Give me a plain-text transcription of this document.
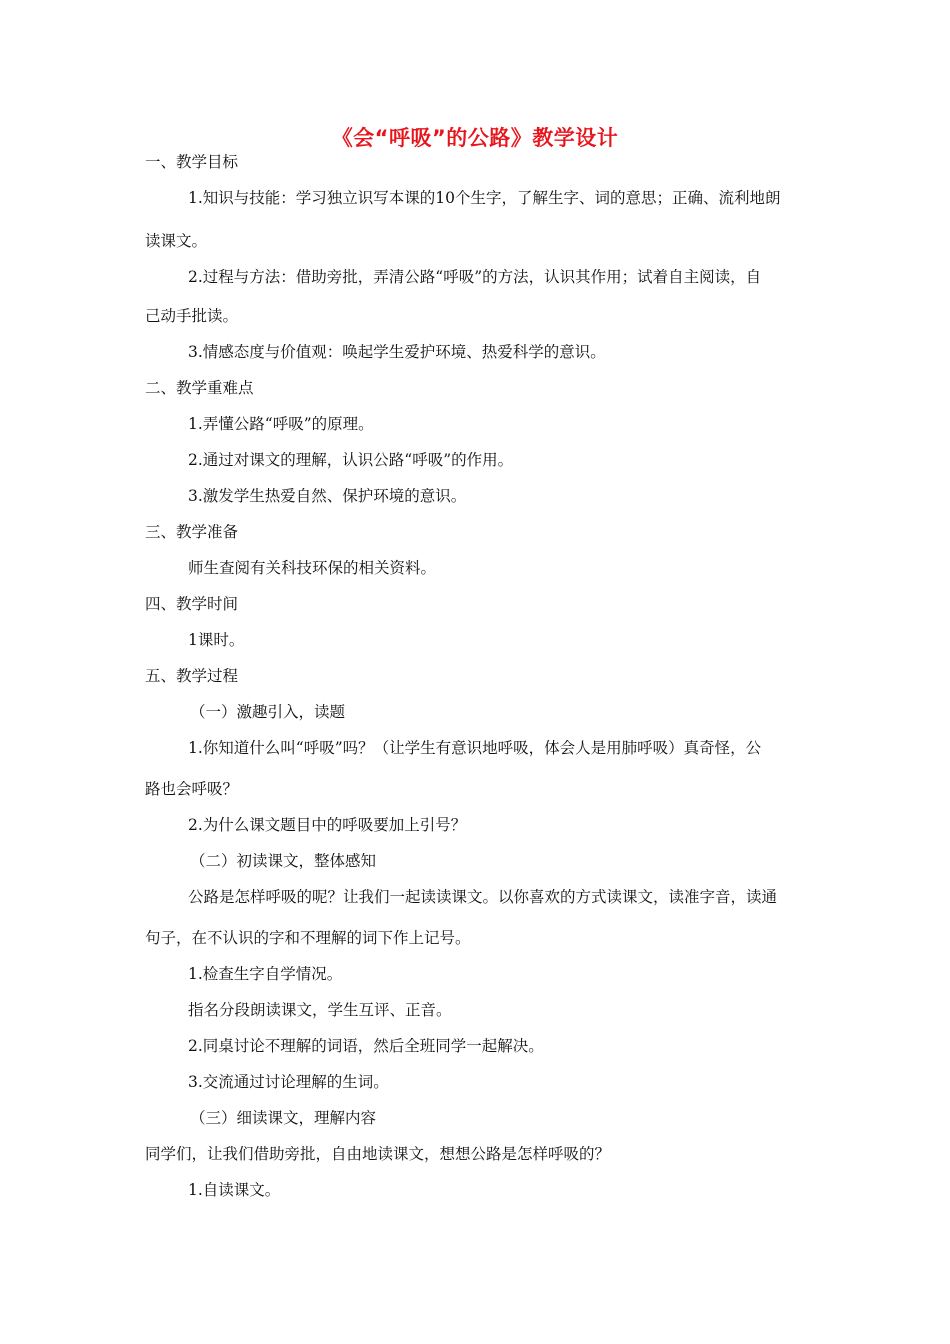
《会“呼吸”的公路》教学设计
一、教学目标
1.知识与技能：学习独立识写本课的10个生字，了解生字、词的意思；正确、流利地朗
读课文。
2.过程与方法：借助旁批，弄清公路“呼吸”的方法，认识其作用；试着自主阅读，自
己动手批读。
3.情感态度与价值观：唤起学生爱护环境、热爱科学的意识。
二、教学重难点
1.弄懂公路“呼吸”的原理。
2.通过对课文的理解，认识公路“呼吸”的作用。
3.激发学生热爱自然、保护环境的意识。
三、教学准备
师生查阅有关科技环保的相关资料。
四、教学时间
1课时。
五、教学过程
（一）激趣引入，读题
1.你知道什么叫“呼吸”吗？（让学生有意识地呼吸，体会人是用肺呼吸）真奇怪，公
路也会呼吸？
2.为什么课文题目中的呼吸要加上引号？
（二）初读课文，整体感知
公路是怎样呼吸的呢？让我们一起读读课文。以你喜欢的方式读课文，读准字音，读通
句子，在不认识的字和不理解的词下作上记号。
1.检查生字自学情况。
指名分段朗读课文，学生互评、正音。
2.同桌讨论不理解的词语，然后全班同学一起解决。
3.交流通过讨论理解的生词。
（三）细读课文，理解内容
同学们，让我们借助旁批，自由地读课文，想想公路是怎样呼吸的？
1.自读课文。
